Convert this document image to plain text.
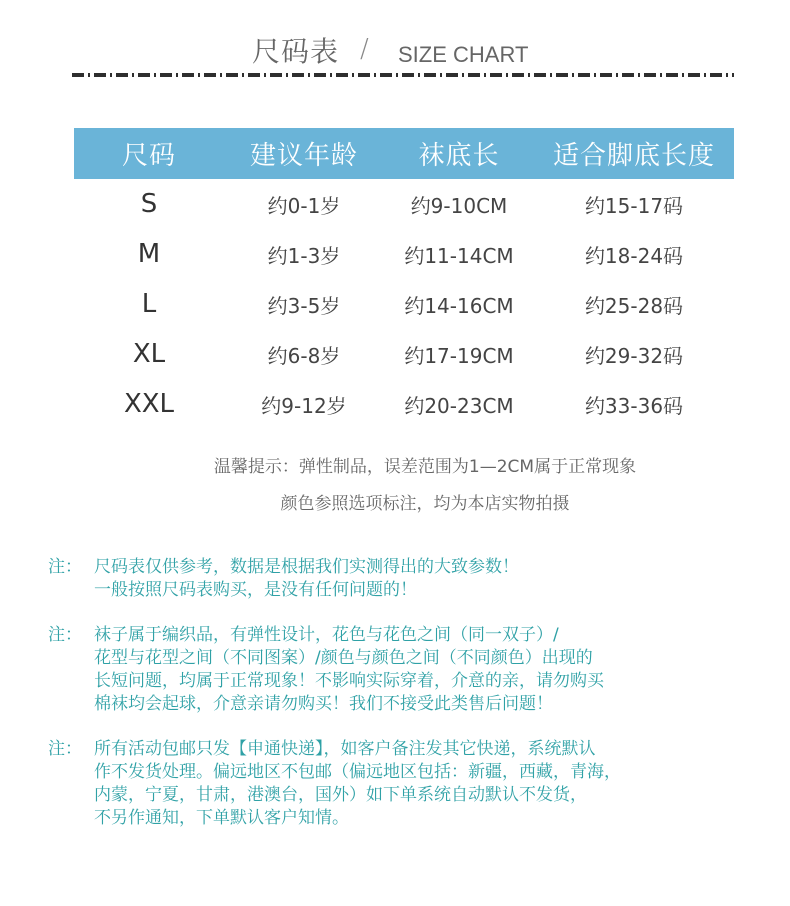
尺码表 / SIZE CHART
尺码	建议年龄	袜底长	适合脚底长度
S	约0-1岁	约9-10CM	约15-17码
M	约1-3岁	约11-14CM	约18-24码
L	约3-5岁	约14-16CM	约25-28码
XL	约6-8岁	约17-19CM	约29-32码
XXL	约9-12岁	约20-23CM	约33-36码
温馨提示：弹性制品，误差范围为1—2CM属于正常现象
颜色参照选项标注，均为本店实物拍摄
注： 尺码表仅供参考，数据是根据我们实测得出的大致参数！
一般按照尺码表购买，是没有任何问题的！
注： 袜子属于编织品，有弹性设计，花色与花色之间（同一双子）/
花型与花型之间（不同图案）/颜色与颜色之间（不同颜色）出现的
长短问题，均属于正常现象！不影响实际穿着，介意的亲，请勿购买
棉袜均会起球，介意亲请勿购买！我们不接受此类售后问题！
注： 所有活动包邮只发【申通快递】，如客户备注发其它快递，系统默认
作不发货处理。偏远地区不包邮（偏远地区包括：新疆，西藏，青海，
内蒙，宁夏，甘肃，港澳台，国外）如下单系统自动默认不发货，
不另作通知，下单默认客户知情。
